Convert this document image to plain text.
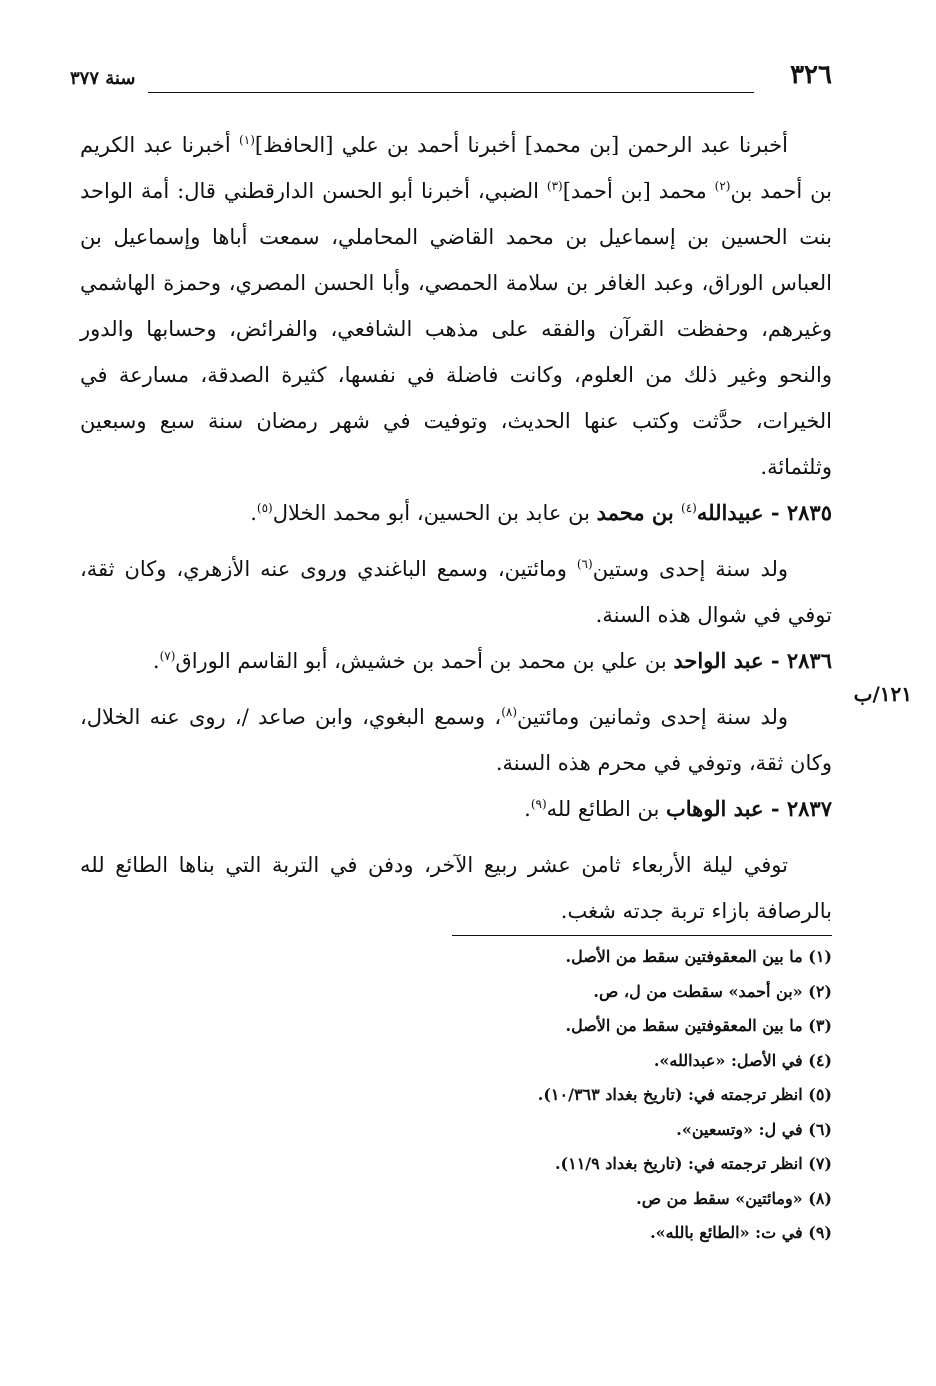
٣٢٦
سنة ٣٧٧
١٢١/ب

أخبرنا عبد الرحمن [بن محمد] أخبرنا أحمد بن علي [الحافظ]$^{(١)}$ أخبرنا عبد الكريم بن أحمد بن$^{(٢)}$ محمد [بن أحمد]$^{(٣)}$ الضبي، أخبرنا أبو الحسن الدارقطني قال: أمة الواحد بنت الحسين بن إسماعيل بن محمد القاضي المحاملي، سمعت أباها وإسماعيل بن العباس الوراق، وعبد الغافر بن سلامة الحمصي، وأبا الحسن المصري، وحمزة الهاشمي وغيرهم، وحفظت القرآن والفقه على مذهب الشافعي، والفرائض، وحسابها والدور والنحو وغير ذلك من العلوم، وكانت فاضلة في نفسها، كثيرة الصدقة، مسارعة في الخيرات، حدَّثت وكتب عنها الحديث، وتوفيت في شهر رمضان سنة سبع وسبعين وثلثمائة.

٢٨٣٥ - عبيدالله$^{(٤)}$ بن محمد بن عابد بن الحسين، أبو محمد الخلال$^{(٥)}$.

ولد سنة إحدى وستين$^{(٦)}$ ومائتين، وسمع الباغندي وروى عنه الأزهري، وكان ثقة، توفي في شوال هذه السنة.

٢٨٣٦ - عبد الواحد بن علي بن محمد بن أحمد بن خشيش، أبو القاسم الوراق$^{(٧)}$.

ولد سنة إحدى وثمانين ومائتين$^{(٨)}$، وسمع البغوي، وابن صاعد /، روى عنه الخلال، وكان ثقة، وتوفي في محرم هذه السنة.

٢٨٣٧ - عبد الوهاب بن الطائع لله$^{(٩)}$.

توفي ليلة الأربعاء ثامن عشر ربيع الآخر، ودفن في التربة التي بناها الطائع لله بالرصافة بازاء تربة جدته شغب.

(١) ما بين المعقوفتين سقط من الأصل.
(٢) «بن أحمد» سقطت من ل، ص.
(٣) ما بين المعقوفتين سقط من الأصل.
(٤) في الأصل: «عبدالله».
(٥) انظر ترجمته في: (تاريخ بغداد ١٠/٣٦٣).
(٦) في ل: «وتسعين».
(٧) انظر ترجمته في: (تاريخ بغداد ١١/٩).
(٨) «ومائتين» سقط من ص.
(٩) في ت: «الطائع بالله».
